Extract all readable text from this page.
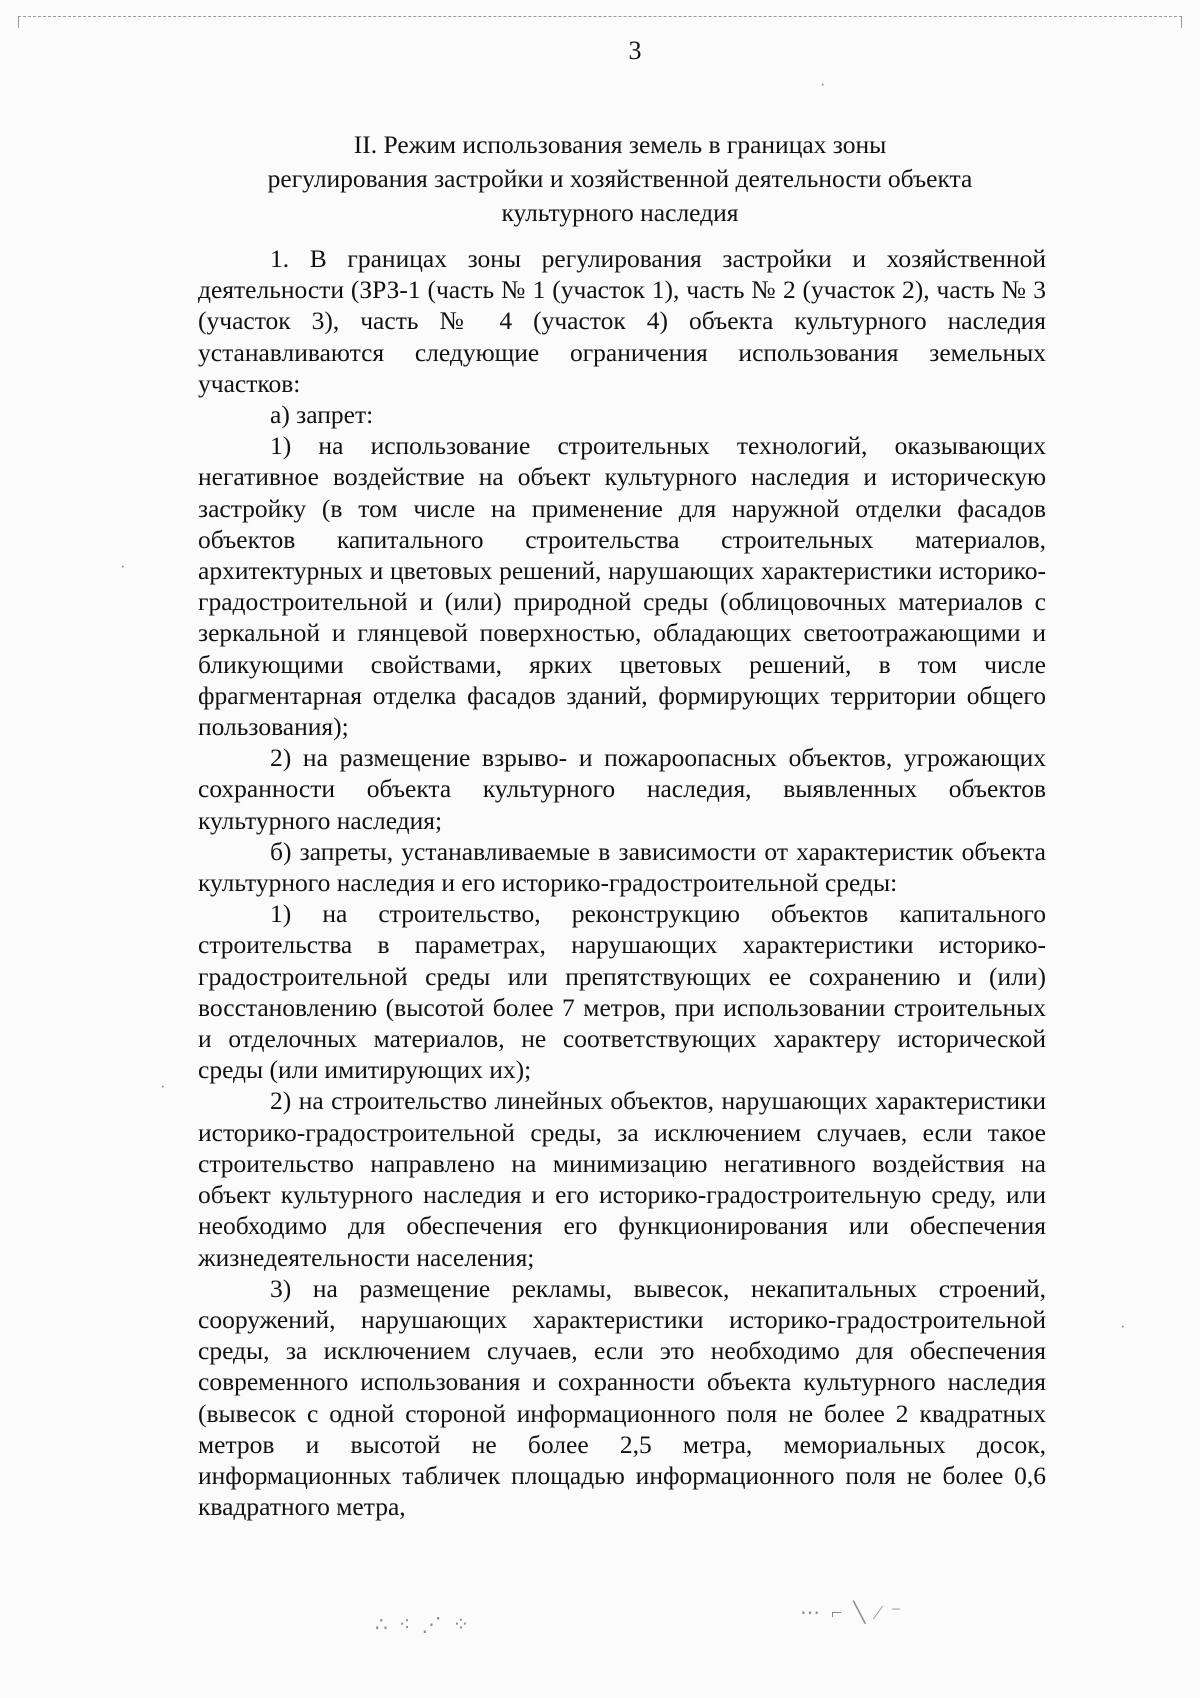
3
II. Режим использования земель в границах зоны
регулирования застройки и хозяйственной деятельности объекта
культурного наследия

1. В границах зоны регулирования застройки и хозяйственной деятельности (ЗРЗ-1 (часть № 1 (участок 1), часть № 2 (участок 2), часть № 3 (участок 3), часть № 4 (участок 4) объекта культурного наследия устанавливаются следующие ограничения использования земельных участков:

а) запрет:

1) на использование строительных технологий, оказывающих негативное воздействие на объект культурного наследия и историческую застройку (в том числе на применение для наружной отделки фасадов объектов капитального строительства строительных материалов, архитектурных и цветовых решений, нарушающих характеристики историко-градостроительной и (или) природной среды (облицовочных материалов с зеркальной и глянцевой поверхностью, обладающих светоотражающими и бликующими свойствами, ярких цветовых решений, в том числе фрагментарная отделка фасадов зданий, формирующих территории общего пользования);

2) на размещение взрыво- и пожароопасных объектов, угрожающих сохранности объекта культурного наследия, выявленных объектов культурного наследия;

б) запреты, устанавливаемые в зависимости от характеристик объекта культурного наследия и его историко-градостроительной среды:

1) на строительство, реконструкцию объектов капитального строительства в параметрах, нарушающих характеристики историко-градостроительной среды или препятствующих ее сохранению и (или) восстановлению (высотой более 7 метров, при использовании строительных и отделочных материалов, не соответствующих характеру исторической среды (или имитирующих их);

2) на строительство линейных объектов, нарушающих характеристики историко-градостроительной среды, за исключением случаев, если такое строительство направлено на минимизацию негативного воздействия на объект культурного наследия и его историко-градостроительную среду, или необходимо для обеспечения его функционирования или обеспечения жизнедеятельности населения;

3) на размещение рекламы, вывесок, некапитальных строений, сооружений, нарушающих характеристики историко-градостроительной среды, за исключением случаев, если это необходимо для обеспечения современного использования и сохранности объекта культурного наследия (вывесок с одной стороной информационного поля не более 2 квадратных метров и высотой не более 2,5 метра, мемориальных досок, информационных табличек площадью информационного поля не более 0,6 квадратного метра,

·
·
·
·
∴ ⁖ ⋰ ⁘
⋯ ⌐ ╲ ∕ ⁻
